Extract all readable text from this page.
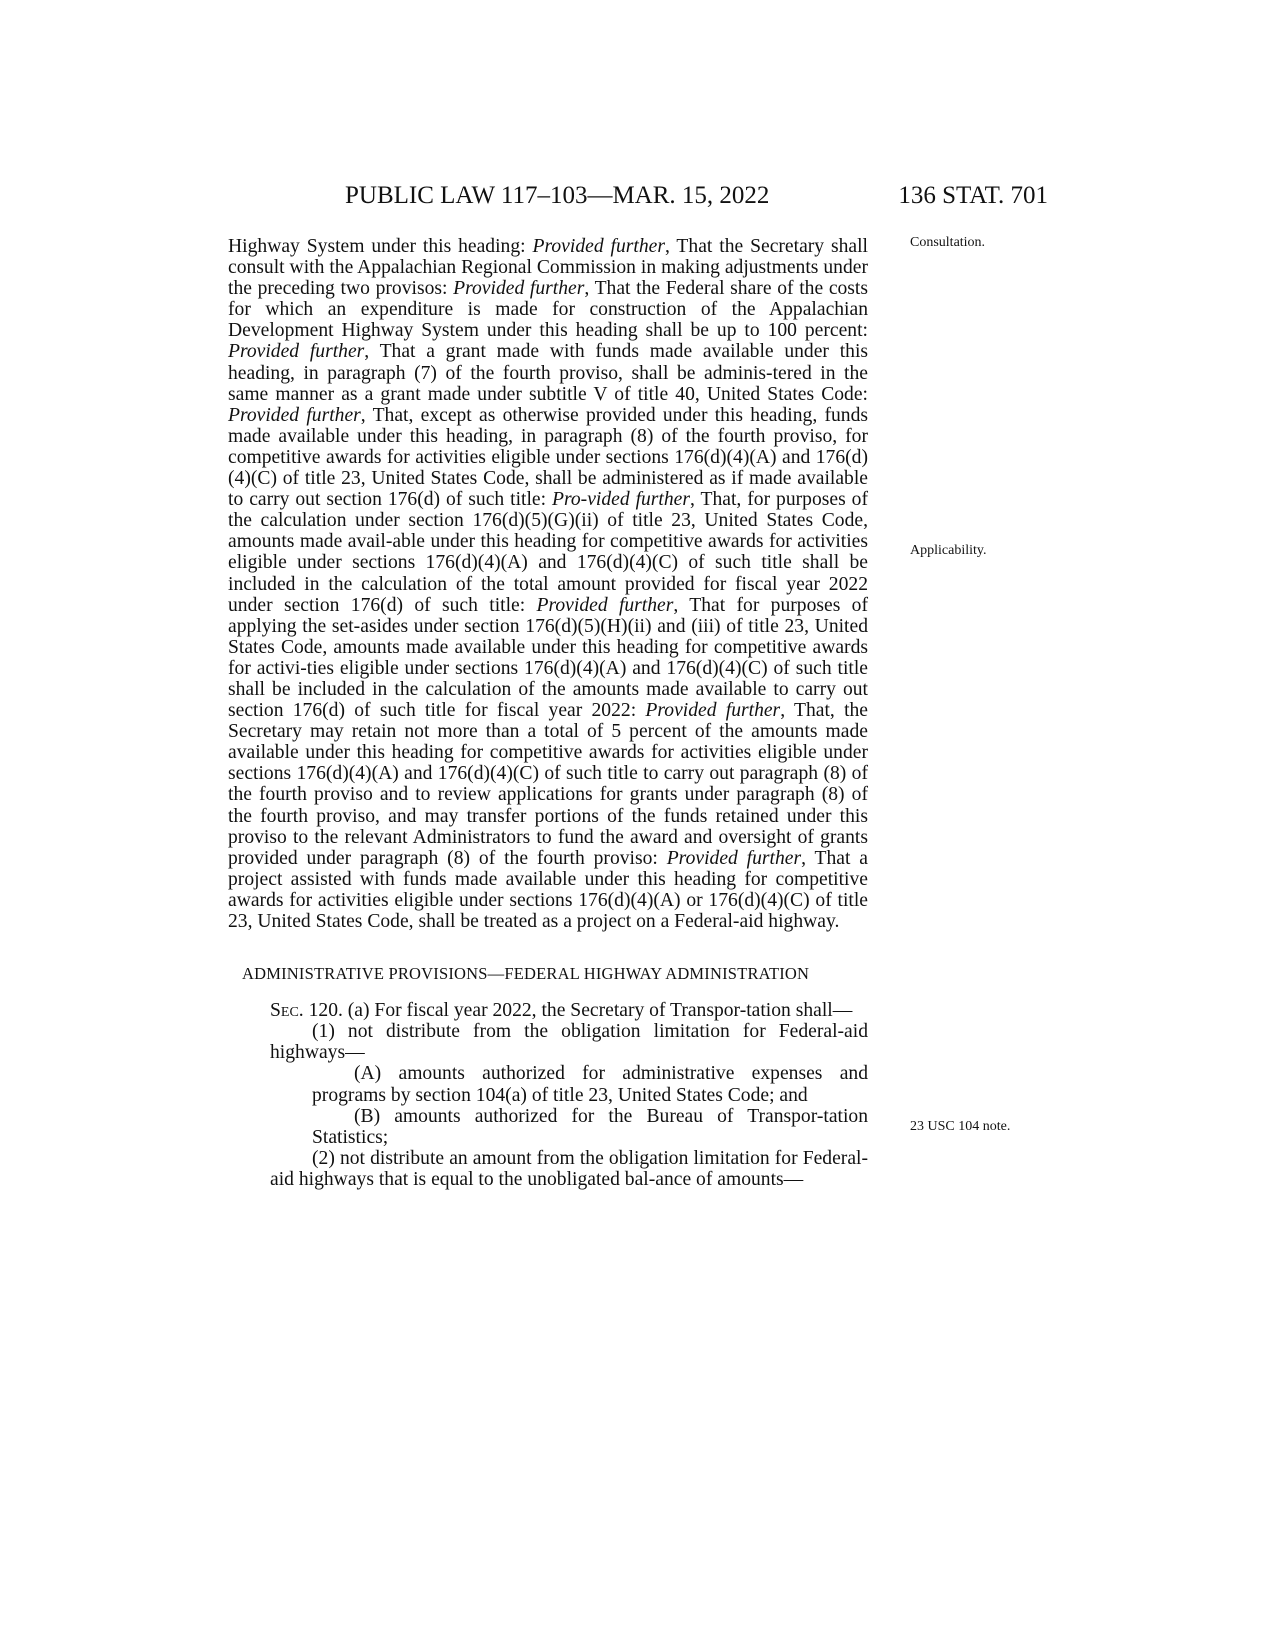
PUBLIC LAW 117–103—MAR. 15, 2022	136 STAT. 701
Consultation.
Applicability.
23 USC 104 note.

Highway System under this heading: Provided further, That the Secretary shall consult with the Appalachian Regional Commission in making adjustments under the preceding two provisos: Provided further, That the Federal share of the costs for which an expenditure is made for construction of the Appalachian Development Highway System under this heading shall be up to 100 percent: Provided further, That a grant made with funds made available under this heading, in paragraph (7) of the fourth proviso, shall be adminis-tered in the same manner as a grant made under subtitle V of title 40, United States Code: Provided further, That, except as otherwise provided under this heading, funds made available under this heading, in paragraph (8) of the fourth proviso, for competitive awards for activities eligible under sections 176(d)(4)(A) and 176(d)(4)(C) of title 23, United States Code, shall be administered as if made available to carry out section 176(d) of such title: Pro-vided further, That, for purposes of the calculation under section 176(d)(5)(G)(ii) of title 23, United States Code, amounts made avail-able under this heading for competitive awards for activities eligible under sections 176(d)(4)(A) and 176(d)(4)(C) of such title shall be included in the calculation of the total amount provided for fiscal year 2022 under section 176(d) of such title: Provided further, That for purposes of applying the set-asides under section 176(d)(5)(H)(ii) and (iii) of title 23, United States Code, amounts made available under this heading for competitive awards for activi-ties eligible under sections 176(d)(4)(A) and 176(d)(4)(C) of such title shall be included in the calculation of the amounts made available to carry out section 176(d) of such title for fiscal year 2022: Provided further, That, the Secretary may retain not more than a total of 5 percent of the amounts made available under this heading for competitive awards for activities eligible under sections 176(d)(4)(A) and 176(d)(4)(C) of such title to carry out paragraph (8) of the fourth proviso and to review applications for grants under paragraph (8) of the fourth proviso, and may transfer portions of the funds retained under this proviso to the relevant Administrators to fund the award and oversight of grants provided under paragraph (8) of the fourth proviso: Provided further, That a project assisted with funds made available under this heading for competitive awards for activities eligible under sections 176(d)(4)(A) or 176(d)(4)(C) of title 23, United States Code, shall be treated as a project on a Federal-aid highway.

ADMINISTRATIVE PROVISIONS—FEDERAL HIGHWAY ADMINISTRATION

Sec. 120. (a) For fiscal year 2022, the Secretary of Transpor-tation shall—

(1) not distribute from the obligation limitation for Federal-aid highways—

(A) amounts authorized for administrative expenses and programs by section 104(a) of title 23, United States Code; and

(B) amounts authorized for the Bureau of Transpor-tation Statistics;

(2) not distribute an amount from the obligation limitation for Federal-aid highways that is equal to the unobligated bal-ance of amounts—
